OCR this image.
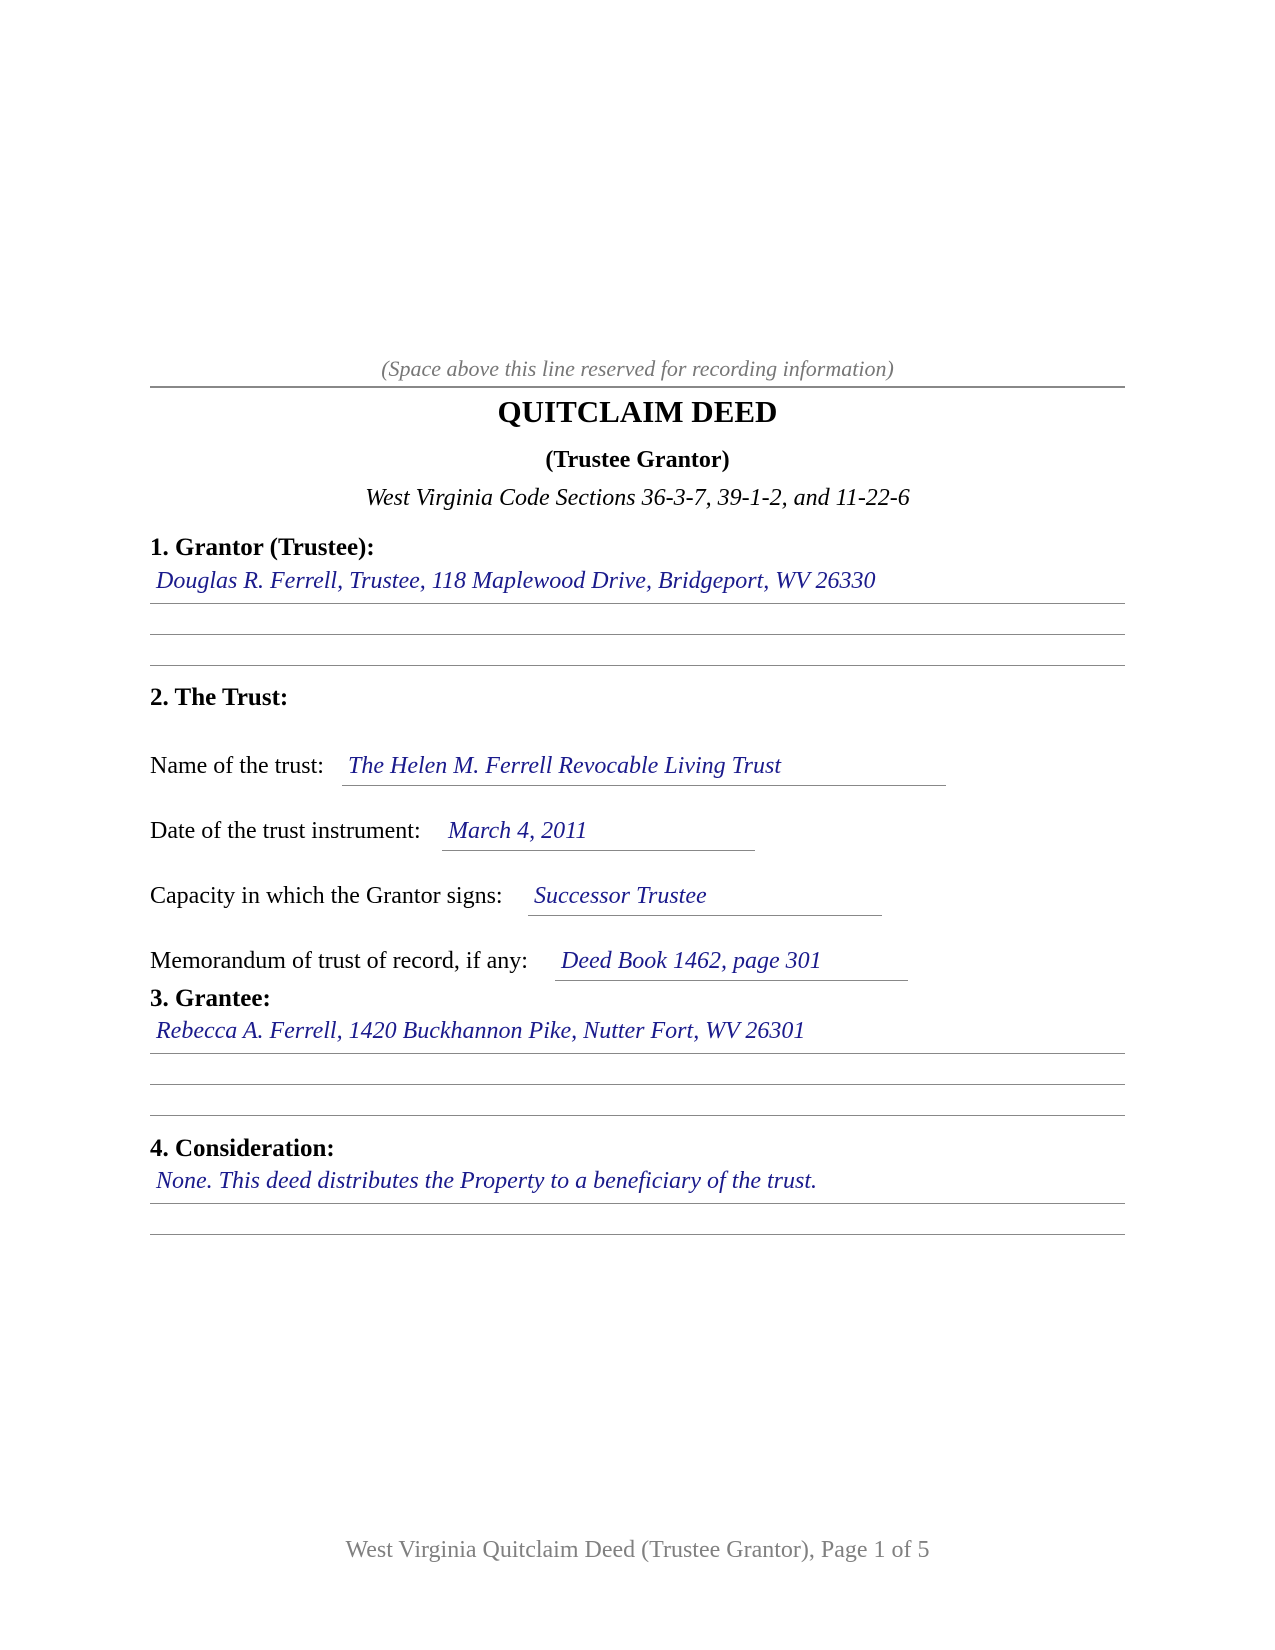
(Space above this line reserved for recording information)
QUITCLAIM DEED
(Trustee Grantor)
West Virginia Code Sections 36-3-7, 39-1-2, and 11-22-6
1. Grantor (Trustee):
Douglas R. Ferrell, Trustee, 118 Maplewood Drive, Bridgeport, WV 26330
2. The Trust:
Name of the trust: The Helen M. Ferrell Revocable Living Trust
Date of the trust instrument: March 4, 2011
Capacity in which the Grantor signs: Successor Trustee
Memorandum of trust of record, if any: Deed Book 1462, page 301
3. Grantee:
Rebecca A. Ferrell, 1420 Buckhannon Pike, Nutter Fort, WV 26301
4. Consideration:
None. This deed distributes the Property to a beneficiary of the trust.
West Virginia Quitclaim Deed (Trustee Grantor), Page 1 of 5
